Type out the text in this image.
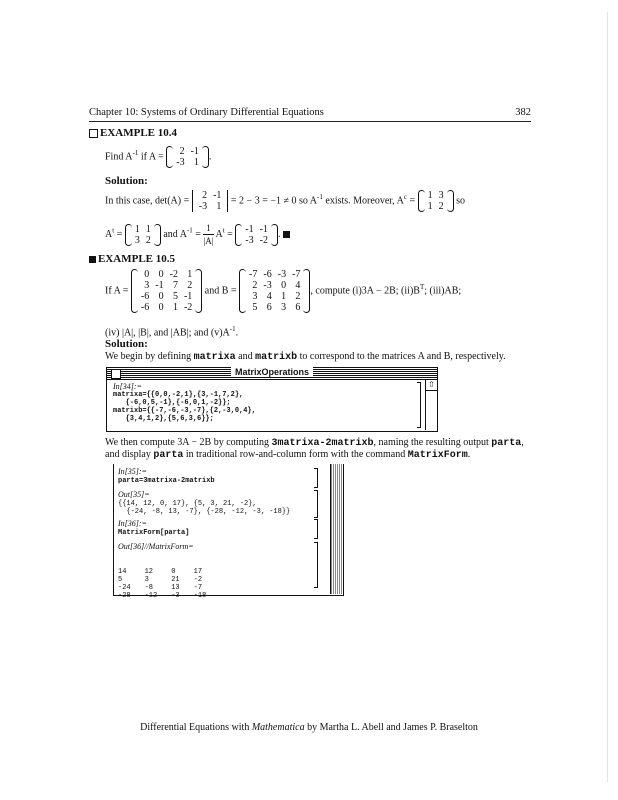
Chapter 10: Systems of Ordinary Differential Equations	382
EXAMPLE 10.4
Find $A^{-1}$ if A = 2	-1
-3	1
.
Solution:
In this case, det(A) = 2	-1
-3	1
= 2 − 3 = −1 ≠ 0 so $A^{-1}$ exists. Moreover, $A^c = 1$	3
1	2
so
$A^t = 1$	1
3	2
and $A^{-1} = \frac{1}{|A|} A^t = -1$	-1
-3	-2
.
EXAMPLE 10.5
If A =
0	0	-2	1
3	-1	7	2
-6	0	5	-1
-6	0	1	-2
and B =
-7	-6	-3	-7
2	-3	0	4
3	4	1	2
5	6	3	6
, compute (i)3A − 2B; $(ii)B^T$; (iii)AB;
(iv) |A|, |B|, and |AB|; and $(v)A^{-1}$.
Solution:
We begin by defining matrixa and matrixb to correspond to the matrices A and B, respectively.
MatrixOperations
In[34]:=
matrixa={{0,0,-2,1},{3,-1,7,2},
{-6,0,5,-1},{-6,0,1,-2}};
matrixb={{-7,-6,-3,-7},{2,-3,0,4},
{3,4,1,2},{5,6,3,6}};
⇧
We then compute 3A − 2B by computing 3matrixa-2matrixb, naming the resulting output parta,
and display parta in traditional row-and-column form with the command MatrixForm.
In[35]:=
parta=3matrixa-2matrixb
Out[35]=
{{14, 12, 0, 17}, {5, 3, 21, -2},
{-24, -8, 13, -7}, {-28, -12, -3, -18}}
In[36]:=
MatrixForm[parta]
Out[36]//MatrixForm=

14	12	0	17
5	3	21	-2
-24	-8	13	-7
-28	-12	-3	-18

Differential Equations with Mathematica by Martha L. Abell and James P. Braselton
